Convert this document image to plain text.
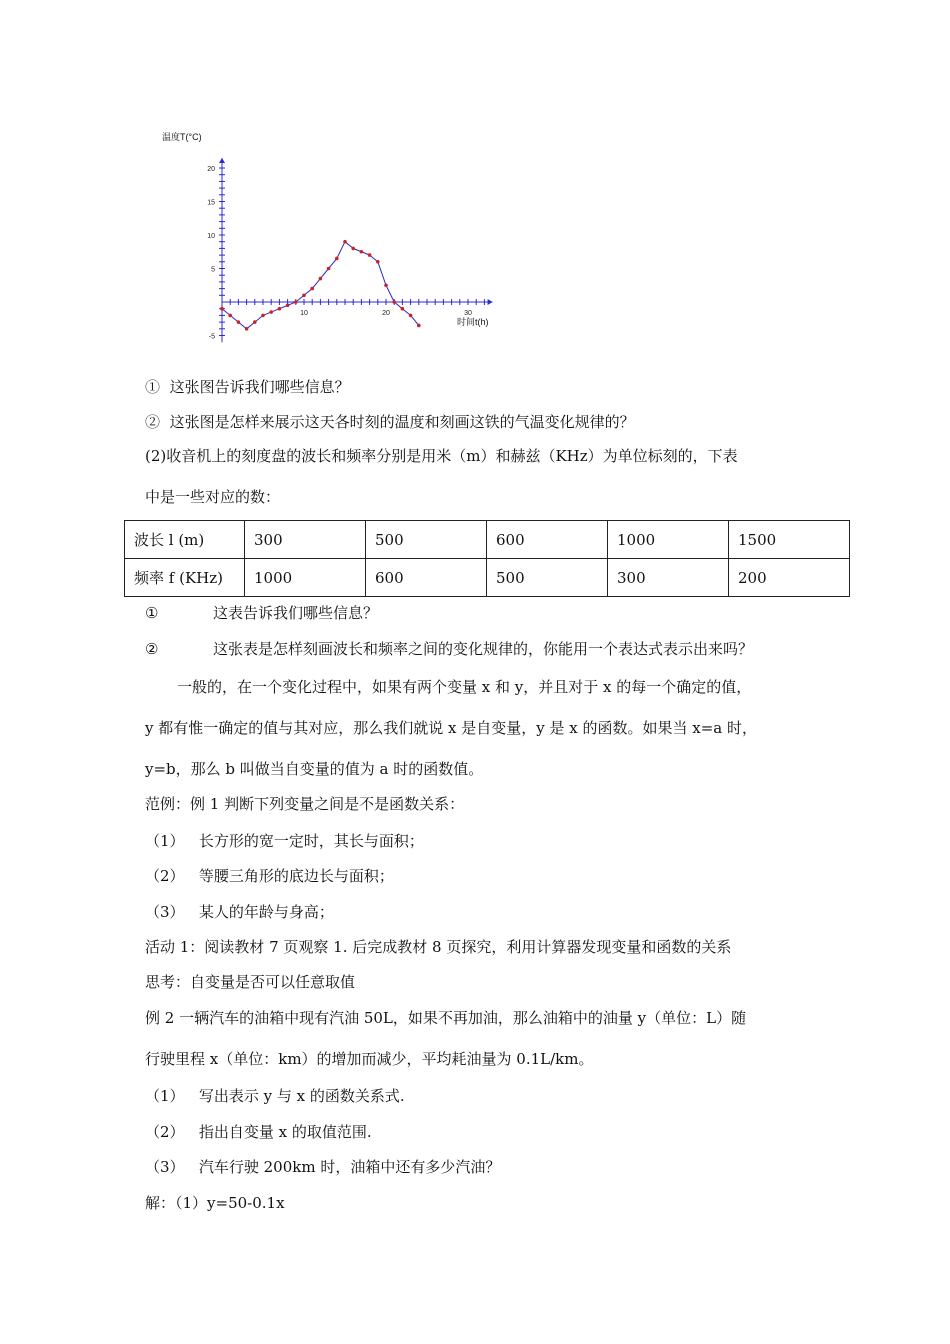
20
15
10
5
-5
10	20	30
温度T(°C)
时间t(h)
① 这张图告诉我们哪些信息？
② 这张图是怎样来展示这天各时刻的温度和刻画这铁的气温变化规律的？
(2)收音机上的刻度盘的波长和频率分别是用米（m）和赫兹（KHz）为单位标刻的，下表
中是一些对应的数：
波长 l (m)	300	500	600	1000	1500
频率 f (KHz)	1000	600	500	300	200
①	这表告诉我们哪些信息？
②	这张表是怎样刻画波长和频率之间的变化规律的，你能用一个表达式表示出来吗？
一般的，在一个变化过程中，如果有两个变量 x 和 y，并且对于 x 的每一个确定的值，
y 都有惟一确定的值与其对应，那么我们就说 x 是自变量，y 是 x 的函数。如果当 x=a 时，
y=b，那么 b 叫做当自变量的值为 a 时的函数值。
范例：例 1 判断下列变量之间是不是函数关系：
（1） 长方形的宽一定时，其长与面积；
（2） 等腰三角形的底边长与面积；
（3） 某人的年龄与身高；
活动 1：阅读教材 7 页观察 1. 后完成教材 8 页探究，利用计算器发现变量和函数的关系
思考：自变量是否可以任意取值
例 2 一辆汽车的油箱中现有汽油 50L，如果不再加油，那么油箱中的油量 y（单位：L）随
行驶里程 x（单位：km）的增加而减少，平均耗油量为 0.1L/km。
（1） 写出表示 y 与 x 的函数关系式.
（2） 指出自变量 x 的取值范围.
（3） 汽车行驶 200km 时，油箱中还有多少汽油？
解：（1）y=50-0.1x
